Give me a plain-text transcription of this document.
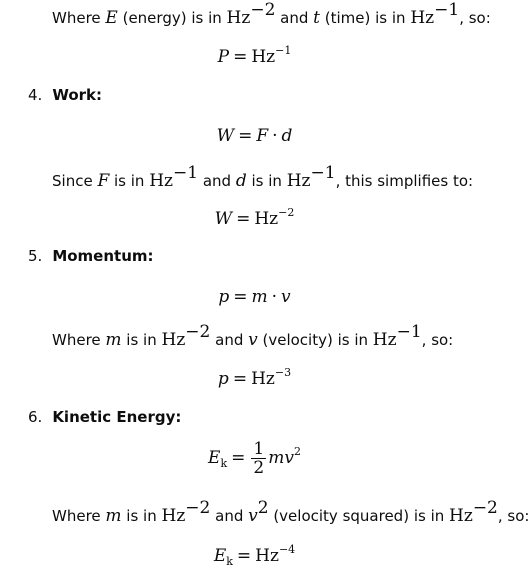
Where E (energy) is in $Hz^{-2}$ and t (time) is in $Hz^{-1}$, so:
$P = Hz^{-1}$
4. Work:
W = F · d
Since F is in $Hz^{-1}$ and d is in $Hz^{-1}$, this simplifies to:
$W = Hz^{-2}$
5. Momentum:
p = m · v
Where m is in $Hz^{-2}$ and v (velocity) is in $Hz^{-1}$, so:
$p = Hz^{-3}$
6. Kinetic Energy:
$E_k = \frac{1}{2} mv^2$
Where m is in $Hz^{-2}$ and $v^2$ (velocity squared) is in $Hz^{-2}$, so:
$E_k = Hz^{-4}$
